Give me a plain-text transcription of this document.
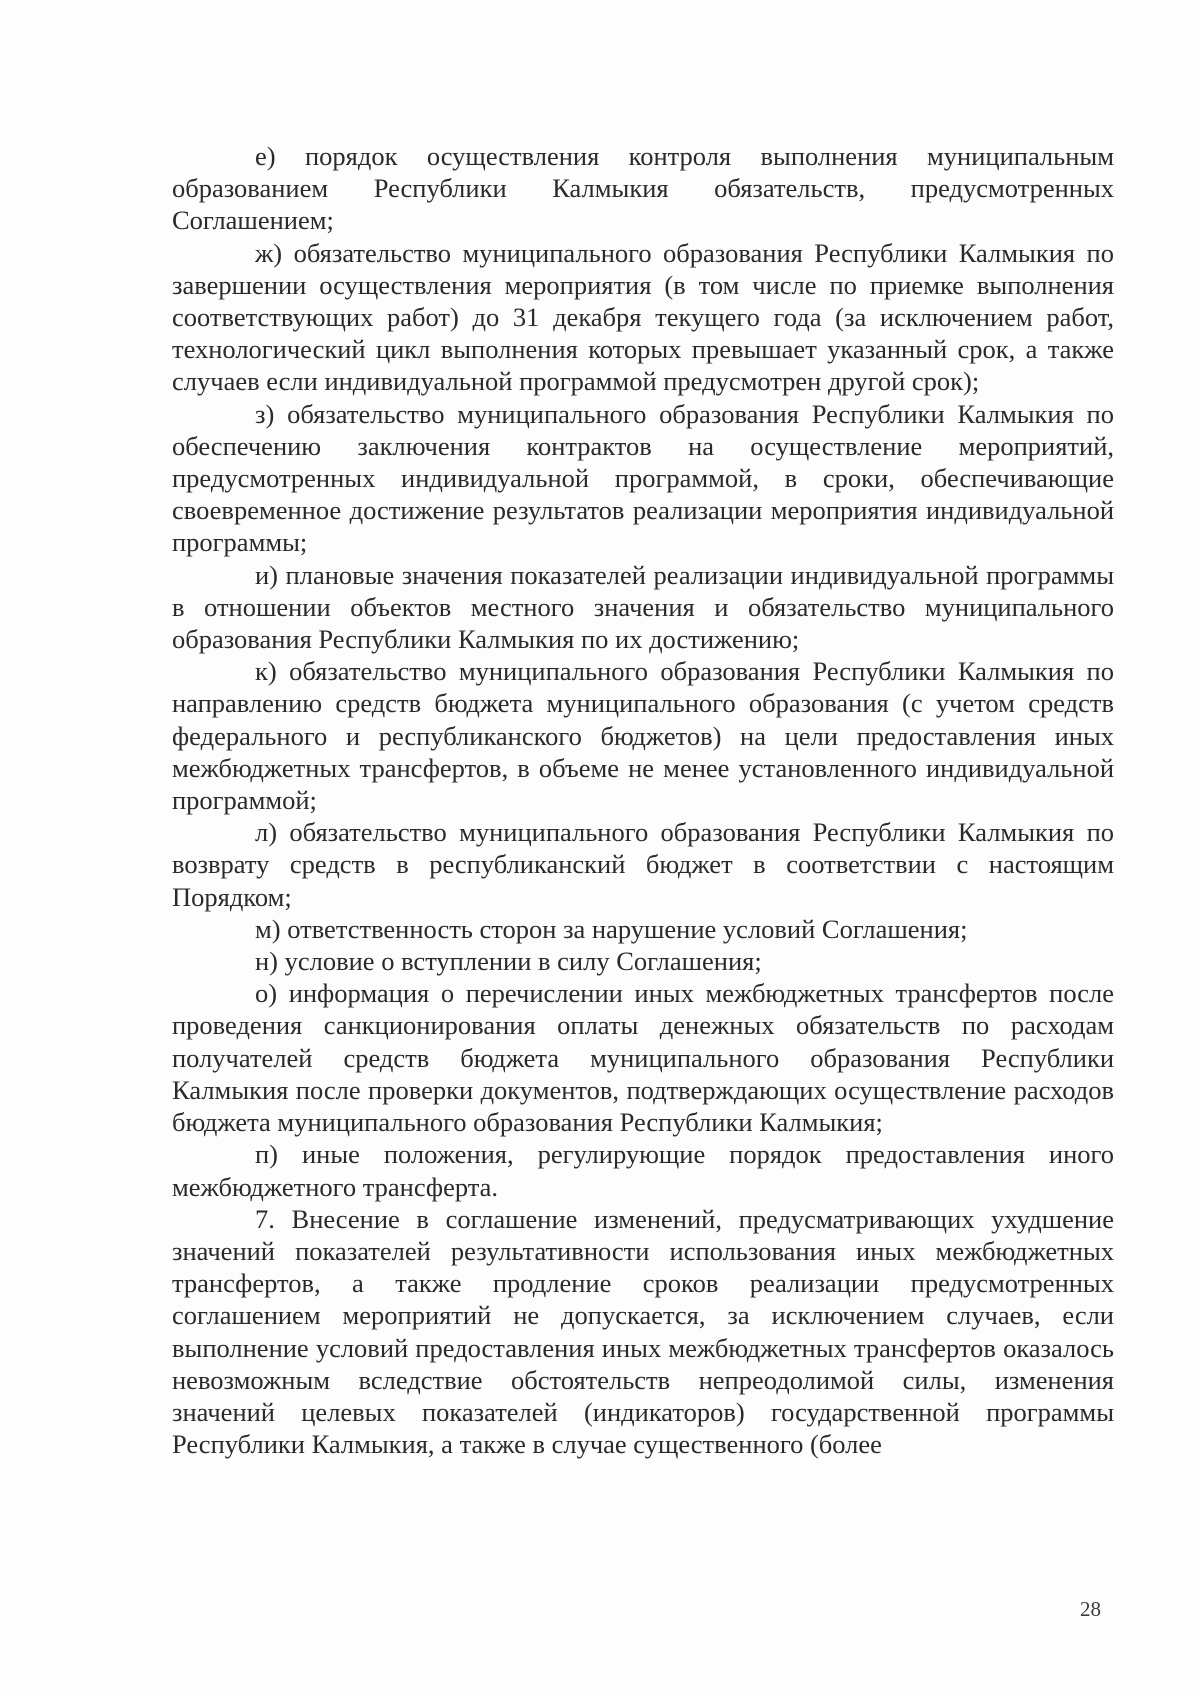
е) порядок осуществления контроля выполнения муниципальным образованием Республики Калмыкия обязательств, предусмотренных Соглашением;

ж) обязательство муниципального образования Республики Калмыкия по завершении осуществления мероприятия (в том числе по приемке выполнения соответствующих работ) до 31 декабря текущего года (за исключением работ, технологический цикл выполнения которых превышает указанный срок, а также случаев если индивидуальной программой предусмотрен другой срок);

з) обязательство муниципального образования Республики Калмыкия по обеспечению заключения контрактов на осуществление мероприятий, предусмотренных индивидуальной программой, в сроки, обеспечивающие своевременное достижение результатов реализации мероприятия индивидуальной программы;

и) плановые значения показателей реализации индивидуальной программы в отношении объектов местного значения и обязательство муниципального образования Республики Калмыкия по их достижению;

к) обязательство муниципального образования Республики Калмыкия по направлению средств бюджета муниципального образования (с учетом средств федерального и республиканского бюджетов) на цели предоставления иных межбюджетных трансфертов, в объеме не менее установленного индивидуальной программой;

л) обязательство муниципального образования Республики Калмыкия по возврату средств в республиканский бюджет в соответствии с настоящим Порядком;

м) ответственность сторон за нарушение условий Соглашения;

н) условие о вступлении в силу Соглашения;

о) информация о перечислении иных межбюджетных трансфертов после проведения санкционирования оплаты денежных обязательств по расходам получателей средств бюджета муниципального образования Республики Калмыкия после проверки документов, подтверждающих осуществление расходов бюджета муниципального образования Республики Калмыкия;

п) иные положения, регулирующие порядок предоставления иного межбюджетного трансферта.

7. Внесение в соглашение изменений, предусматривающих ухудшение значений показателей результативности использования иных межбюджетных трансфертов, а также продление сроков реализации предусмотренных соглашением мероприятий не допускается, за исключением случаев, если выполнение условий предоставления иных межбюджетных трансфертов оказалось невозможным вследствие обстоятельств непреодолимой силы, изменения значений целевых показателей (индикаторов) государственной программы Республики Калмыкия, а также в случае существенного (более

28
